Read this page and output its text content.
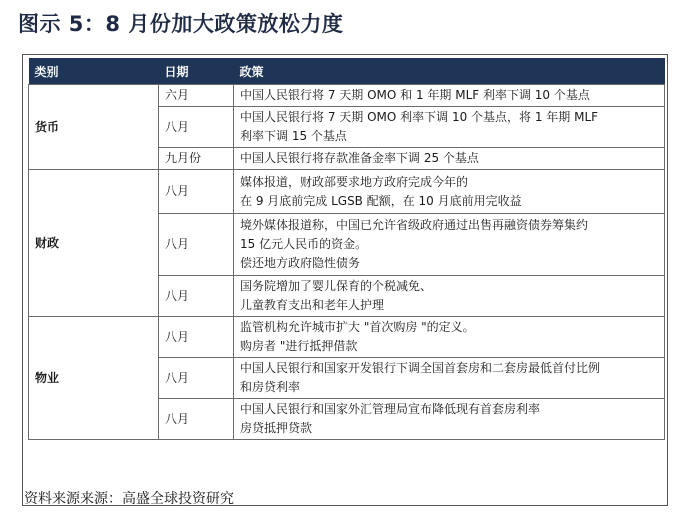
图示 5：8 月份加大政策放松力度
类别	日期	政策
货币	六月	中国人民银行将 7 天期 OMO 和 1 年期 MLF 利率下调 10 个基点

	八月	中国人民银行将 7 天期 OMO 利率下调 10 个基点，将 1 年期 MLF
利率下调 15 个基点

	九月份	中国人民银行将存款准备金率下调 25 个基点

财政	八月	媒体报道，财政部要求地方政府完成今年的
在 9 月底前完成 LGSB 配额，在 10 月底前用完收益

	八月	境外媒体报道称，中国已允许省级政府通过出售再融资债券筹集约
15 亿元人民币的资金。
偿还地方政府隐性债务

	八月	国务院增加了婴儿保育的个税减免、
儿童教育支出和老年人护理

物业	八月	监管机构允许城市扩大 "首次购房 "的定义。
购房者 "进行抵押借款

	八月	中国人民银行和国家开发银行下调全国首套房和二套房最低首付比例
和房贷利率

	八月	中国人民银行和国家外汇管理局宣布降低现有首套房利率
房贷抵押贷款
资料来源来源：高盛全球投资研究
